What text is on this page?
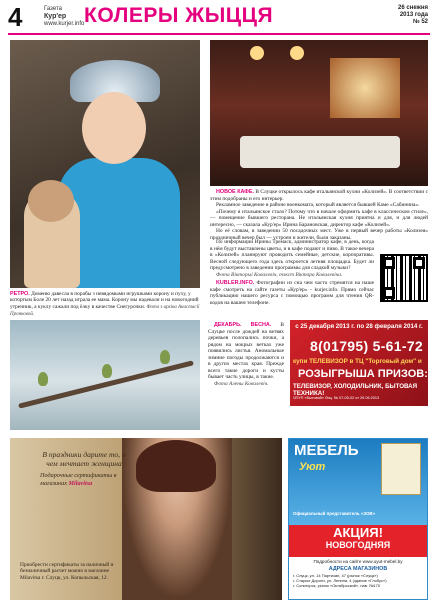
4	Газета
Кур'ер
www.kurjer.info КОЛЕРЫ ЖЫЦЦЯ	26 снежня
2013 года
№ 52
РЕТРО. Доменю давесла в порабы з невядомыми игрушками корону и пуху, у котортым Боле 20 лет назад играла ее мама. Корону мы надевали и на новогодний утренник, а куклу сажали под ёлку в качестве Снегурочки. Фота з архіва Анастасії Пронковой.

НОВОЕ КАФЕ. В Слуцке открылось кафе итальянской кухни «Колизей». В соответствии с этим подобраны и его интерьер.

Рекламное заведение в районе военкомата, который является бывшей Каме «Сабинина».

«Почему я итальянское стало? Потому что в начале оформить кафе в классическом стиле», — помещение бывшего ресторана. Не итальянская кухня приятна и для, и для людей интересно, — сказала «Кур'ер» Ирина Барановская, директор кафе «Колизей».

Но её словам, в заведении 50 посадочных мест. Уже в первый вечер работы «Колизея» праздничный вечер был — устроен и жители, были заказаны.

По информации Ирины Тремаск, администратор кафе, в день, когда в нём будут выставлены цветы, и в кафе подают и пиво. В такое вечера в «Колизей» планируют проводить семейные, детские, корпоративы. Весной следующего года здесь откроется летняя площадка. Будет ли предусмотрено в заведении программы для сладкой музыки?

Фота Вікторыі Ковалевіч, тэкст Віктара Ковалевіча.

KUBLER.INFO. Фотографии из сна чем часто стремятся на наше кафе смотреть на сайте газеты «Кур'ер» - kurjer.info. Прямо сейчас публикацию нашего ресурса с помощью программ для чтения QR-кодов на вашем телефоне.

ДЕКАБРЬ. ВЕСНА. В Слуцке после дождей на ветвях деревьев полопались почки, а рядом на мокрых ветках уже появились листья. Аномальные зимние погоды продолжаются и в других местах края. Прежде всего такие дороги и кусты бывает часть улицы, в такие.

Фота Алены Ковалевіч.

с 25 декабря 2013 г. по 28 февраля 2014 г.
8(01795) 5-61-72
купи ТЕЛЕВИЗОР в ТЦ "Торговый дом" и
РОЗЫГРЫША ПРИЗОВ:
ТЕЛЕВИЗОР, ХОЛОДИЛЬНИК, БЫТОВАЯ ТЕХНИКА!
ЧПУП «Бытовой» Лиц. № 07-05-02 от 29.06.2013
В праздники дарите то, о чем мечтает женщина
Подарочные сертификаты в магазинах Milavitsa
Приобрести сертификаты за наличный и безналичный расчет можно в магазине Milavitsa г. Слуцк, ул. Копыльская, 12.
МЕБЕЛЬ
Уют
Официальный представитель «ЗОВ»
АКЦИЯ!
НОВОГОДНЯЯ
Подробности на сайте www.uyut-mebel.by
АДРЕСА МАГАЗИНОВ
г. Слуцк, ул. 14 Партизан, 47 (рынок «Слуцк»)
г. Старые Дороги, ул. Ленина, 4 (здание «Глобус»)
г. Солигорск, рынок «Октябрьский», пав. №170
